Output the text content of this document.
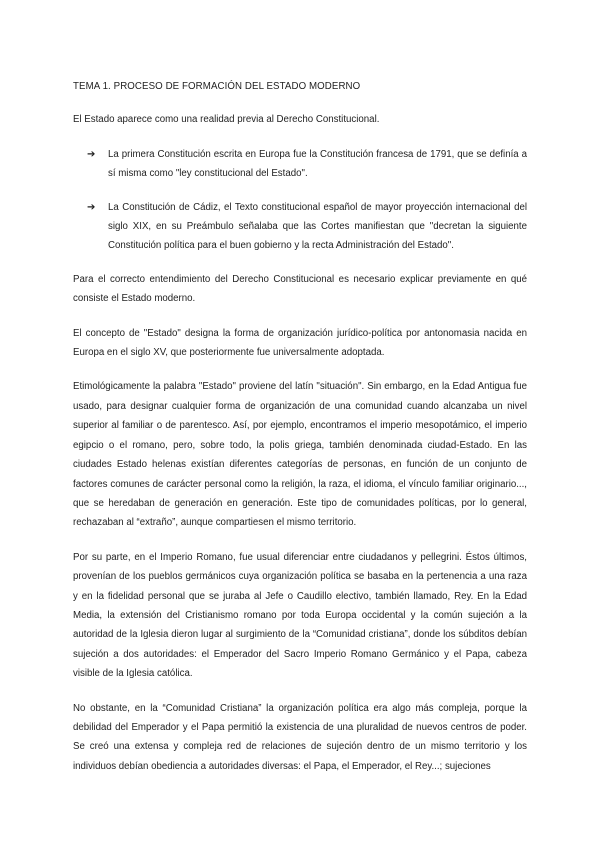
TEMA 1. PROCESO DE FORMACIÓN DEL ESTADO MODERNO

El Estado aparece como una realidad previa al Derecho Constitucional.

➔ La primera Constitución escrita en Europa fue la Constitución francesa de 1791, que se definía a sí misma como "ley constitucional del Estado".
➔ La Constitución de Cádiz, el Texto constitucional español de mayor proyección internacional del siglo XIX, en su Preámbulo señalaba que las Cortes manifiestan que "decretan la siguiente Constitución política para el buen gobierno y la recta Administración del Estado".

Para el correcto entendimiento del Derecho Constitucional es necesario explicar previamente en qué consiste el Estado moderno.

El concepto de "Estado" designa la forma de organización jurídico-política por antonomasia nacida en Europa en el siglo XV, que posteriormente fue universalmente adoptada.

Etimológicamente la palabra "Estado" proviene del latín "situación". Sin embargo, en la Edad Antigua fue usado, para designar cualquier forma de organización de una comunidad cuando alcanzaba un nivel superior al familiar o de parentesco. Así, por ejemplo, encontramos el imperio mesopotámico, el imperio egipcio o el romano, pero, sobre todo, la polis griega, también denominada ciudad-Estado. En las ciudades Estado helenas existían diferentes categorías de personas, en función de un conjunto de factores comunes de carácter personal como la religión, la raza, el idioma, el vínculo familiar originario..., que se heredaban de generación en generación. Este tipo de comunidades políticas, por lo general, rechazaban al “extraño”, aunque compartiesen el mismo territorio.

Por su parte, en el Imperio Romano, fue usual diferenciar entre ciudadanos y pellegrini. Éstos últimos, provenían de los pueblos germánicos cuya organización política se basaba en la pertenencia a una raza y en la fidelidad personal que se juraba al Jefe o Caudillo electivo, también llamado, Rey. En la Edad Media, la extensión del Cristianismo romano por toda Europa occidental y la común sujeción a la autoridad de la Iglesia dieron lugar al surgimiento de la “Comunidad cristiana”, donde los súbditos debían sujeción a dos autoridades: el Emperador del Sacro Imperio Romano Germánico y el Papa, cabeza visible de la Iglesia católica.

No obstante, en la “Comunidad Cristiana” la organización política era algo más compleja, porque la debilidad del Emperador y el Papa permitió la existencia de una pluralidad de nuevos centros de poder. Se creó una extensa y compleja red de relaciones de sujeción dentro de un mismo territorio y los individuos debían obediencia a autoridades diversas: el Papa, el Emperador, el Rey...; sujeciones
